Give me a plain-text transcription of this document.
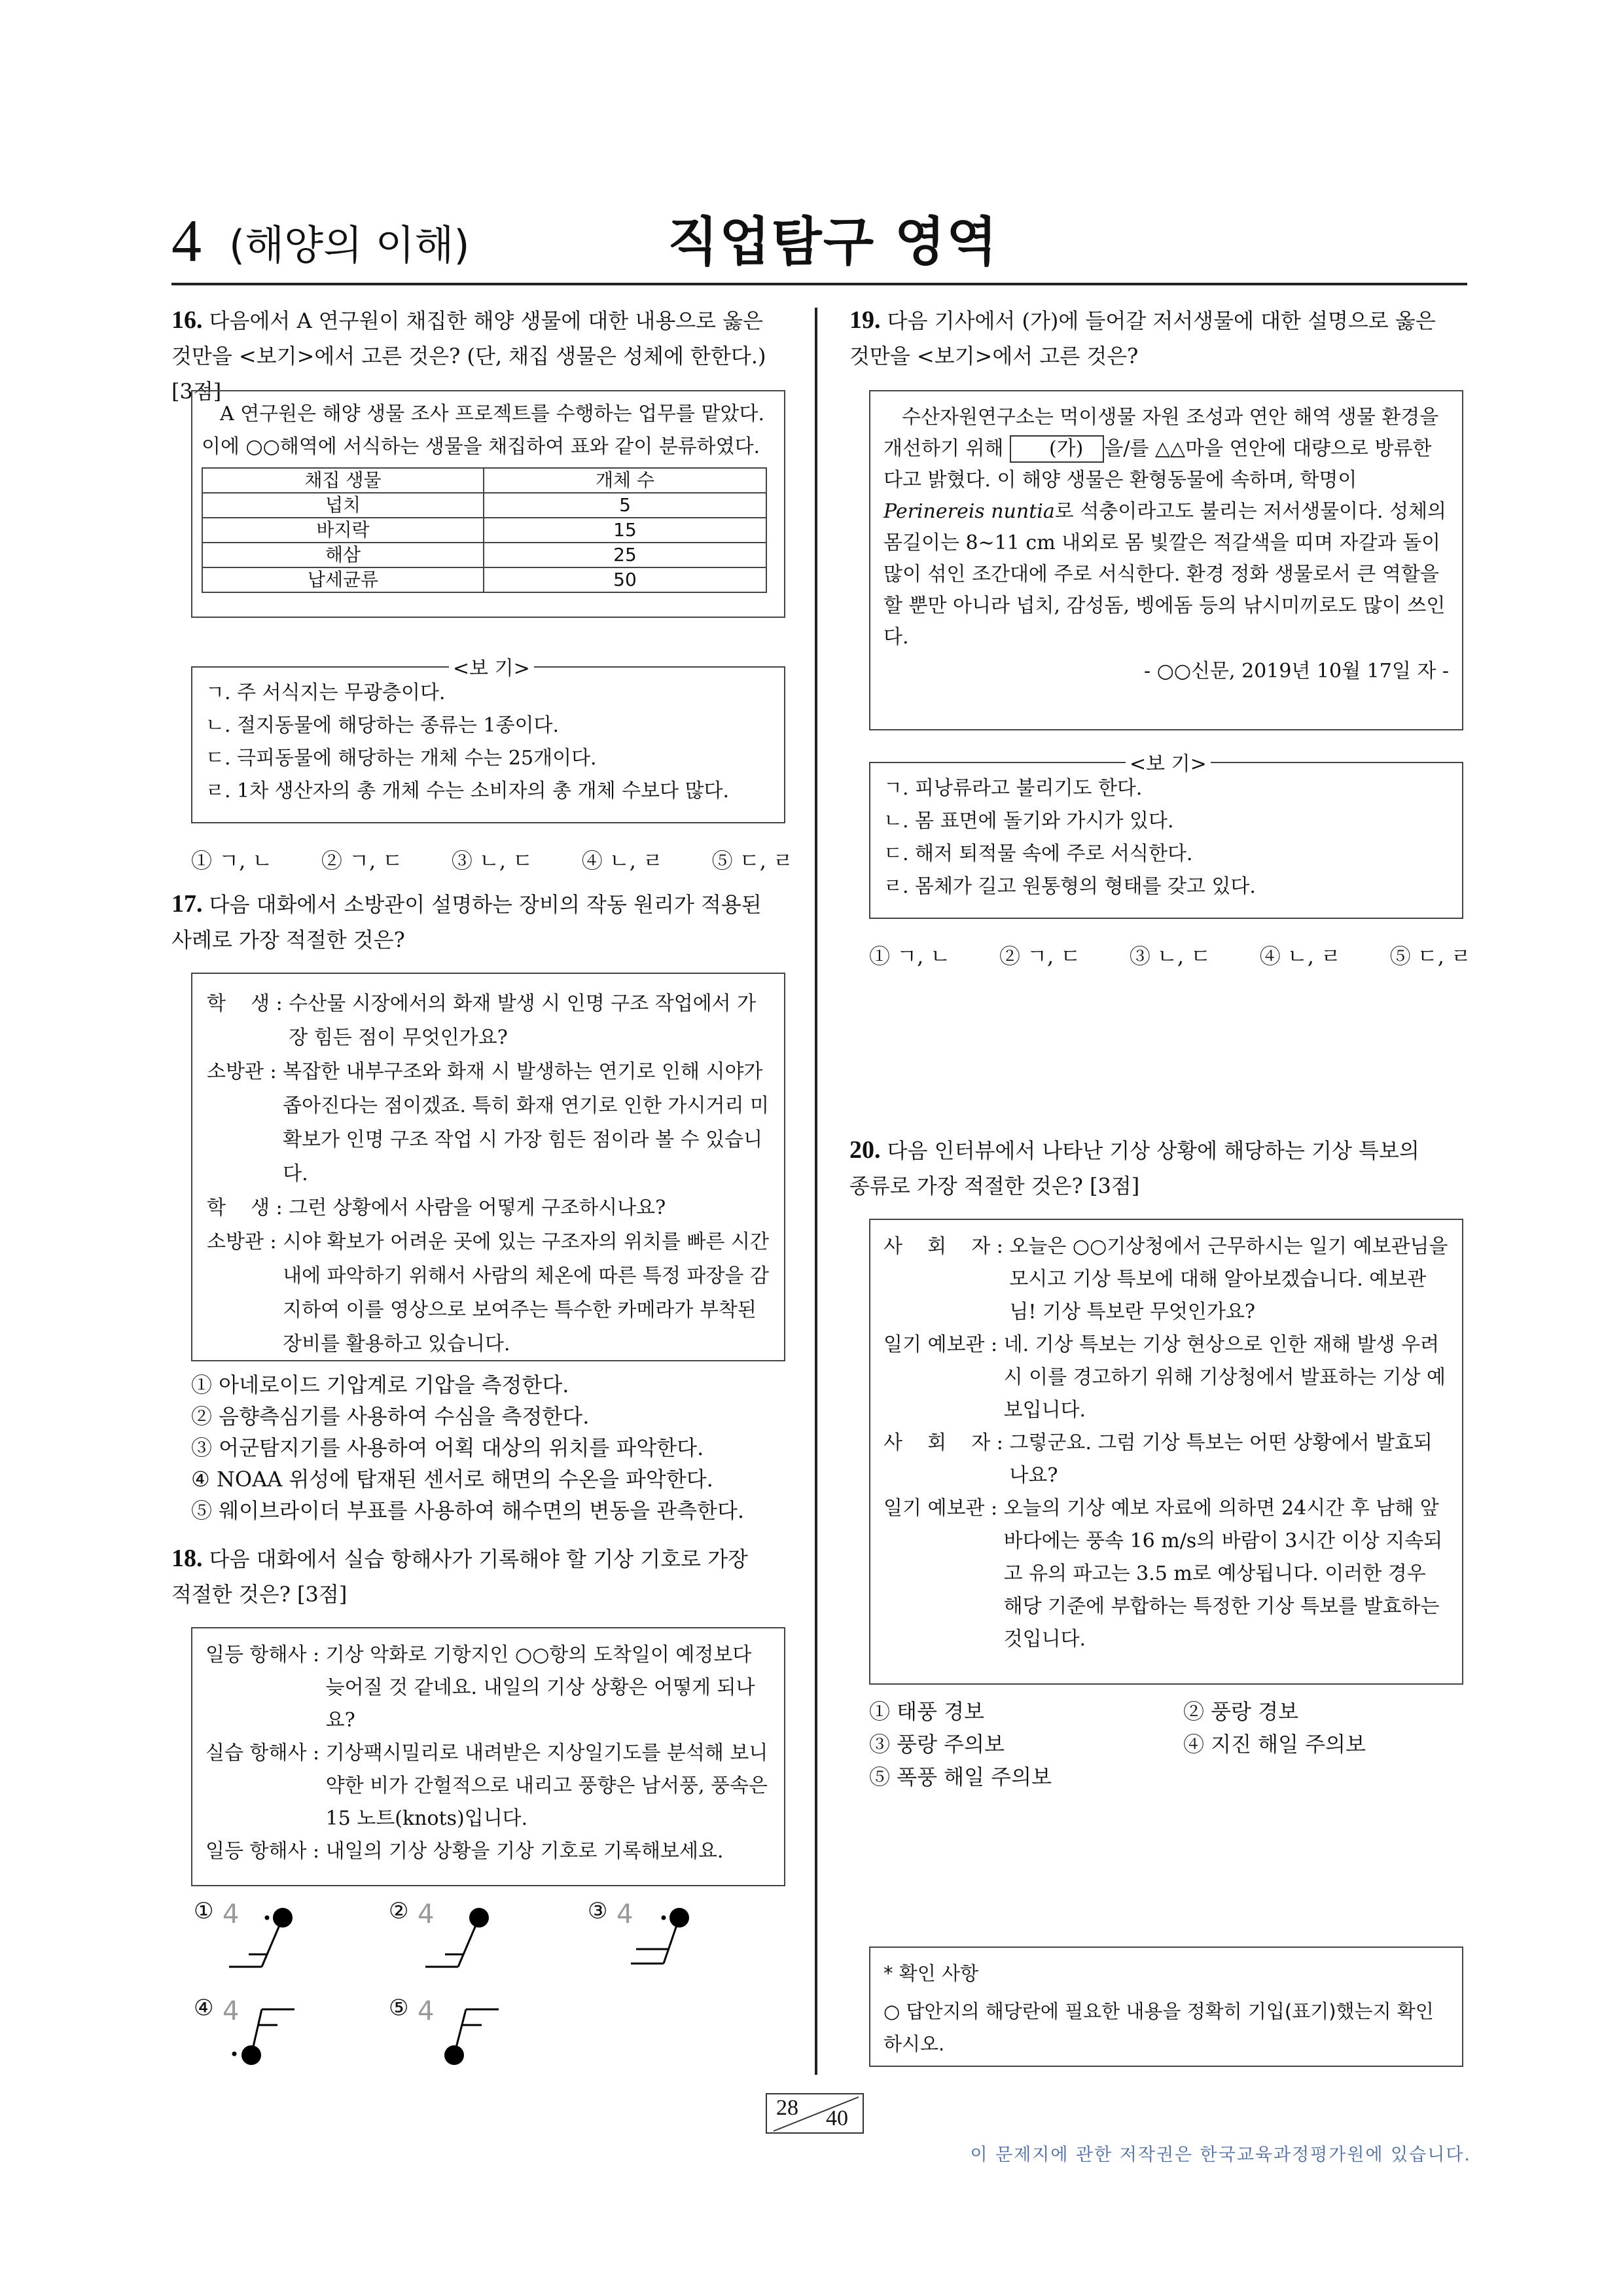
4 (해양의 이해)	직업탐구 영역
16. 다음에서 A 연구원이 채집한 해양 생물에 대한 내용으로 옳은
것만을 <보기>에서 고른 것은? (단, 채집 생물은 성체에 한한다.) [3점]
A 연구원은 해양 생물 조사 프로젝트를 수행하는 업무를 맡았다.
이에 ○○해역에 서식하는 생물을 채집하여 표와 같이 분류하였다.
채집 생물	개체 수
넙치	5
바지락	15
해삼	25
납세균류	50
ㄱ. 주 서식지는 무광층이다.
ㄴ. 절지동물에 해당하는 종류는 1종이다.
ㄷ. 극피동물에 해당하는 개체 수는 25개이다.
ㄹ. 1차 생산자의 총 개체 수는 소비자의 총 개체 수보다 많다.
<보 기>
① ㄱ, ㄴ ② ㄱ, ㄷ ③ ㄴ, ㄷ ④ ㄴ, ㄹ ⑤ ㄷ, ㄹ
17. 다음 대화에서 소방관이 설명하는 장비의 작동 원리가 적용된
사례로 가장 적절한 것은?
학    생 : 수산물 시장에서의 화재 발생 시 인명 구조 작업에서 가장 힘든 점이 무엇인가요?
소방관 : 복잡한 내부구조와 화재 시 발생하는 연기로 인해 시야가 좁아진다는 점이겠죠. 특히 화재 연기로 인한 가시거리 미확보가 인명 구조 작업 시 가장 힘든 점이라 볼 수 있습니다.
학    생 : 그런 상황에서 사람을 어떻게 구조하시나요?
소방관 : 시야 확보가 어려운 곳에 있는 구조자의 위치를 빠른 시간 내에 파악하기 위해서 사람의 체온에 따른 특정 파장을 감지하여 이를 영상으로 보여주는 특수한 카메라가 부착된 장비를 활용하고 있습니다.
① 아네로이드 기압계로 기압을 측정한다.
② 음향측심기를 사용하여 수심을 측정한다.
③ 어군탐지기를 사용하여 어획 대상의 위치를 파악한다.
④ NOAA 위성에 탑재된 센서로 해면의 수온을 파악한다.
⑤ 웨이브라이더 부표를 사용하여 해수면의 변동을 관측한다.
18. 다음 대화에서 실습 항해사가 기록해야 할 기상 기호로 가장
적절한 것은? [3점]
일등 항해사 : 기상 악화로 기항지인 ○○항의 도착일이 예정보다 늦어질 것 같네요. 내일의 기상 상황은 어떻게 되나요?
실습 항해사 : 기상팩시밀리로 내려받은 지상일기도를 분석해 보니 약한 비가 간헐적으로 내리고 풍향은 남서풍, 풍속은 15 노트(knots)입니다.
일등 항해사 : 내일의 기상 상황을 기상 기호로 기록해보세요.
① 4	② 4	③ 4
④ 4	⑤ 4
19. 다음 기사에서 (가)에 들어갈 저서생물에 대한 설명으로 옳은
것만을 <보기>에서 고른 것은?
수산자원연구소는 먹이생물 자원 조성과 연안 해역 생물 환경을 개선하기 위해 (가) 을/를 △△마을 연안에 대량으로 방류한다고 밝혔다. 이 해양 생물은 환형동물에 속하며, 학명이 Perinereis nuntia로 석충이라고도 불리는 저서생물이다. 성체의 몸길이는 8~11 cm 내외로 몸 빛깔은 적갈색을 띠며 자갈과 돌이 많이 섞인 조간대에 주로 서식한다. 환경 정화 생물로서 큰 역할을 할 뿐만 아니라 넙치, 감성돔, 벵에돔 등의 낚시미끼로도 많이 쓰인다.
- ○○신문, 2019년 10월 17일 자 -
ㄱ. 피낭류라고 불리기도 한다.
ㄴ. 몸 표면에 돌기와 가시가 있다.
ㄷ. 해저 퇴적물 속에 주로 서식한다.
ㄹ. 몸체가 길고 원통형의 형태를 갖고 있다.
<보 기>
① ㄱ, ㄴ ② ㄱ, ㄷ ③ ㄴ, ㄷ ④ ㄴ, ㄹ ⑤ ㄷ, ㄹ
20. 다음 인터뷰에서 나타난 기상 상황에 해당하는 기상 특보의
종류로 가장 적절한 것은? [3점]
사    회    자 : 오늘은 ○○기상청에서 근무하시는 일기 예보관님을 모시고 기상 특보에 대해 알아보겠습니다. 예보관님! 기상 특보란 무엇인가요?
일기 예보관 : 네. 기상 특보는 기상 현상으로 인한 재해 발생 우려 시 이를 경고하기 위해 기상청에서 발표하는 기상 예보입니다.
사    회    자 : 그렇군요. 그럼 기상 특보는 어떤 상황에서 발효되나요?
일기 예보관 : 오늘의 기상 예보 자료에 의하면 24시간 후 남해 앞바다에는 풍속 16 m/s의 바람이 3시간 이상 지속되고 유의 파고는 3.5 m로 예상됩니다. 이러한 경우 해당 기준에 부합하는 특정한 기상 특보를 발효하는 것입니다.
① 태풍 경보	② 풍랑 경보
③ 풍랑 주의보	④ 지진 해일 주의보
⑤ 폭풍 해일 주의보
* 확인 사항
○ 답안지의 해당란에 필요한 내용을 정확히 기입(표기)했는지 확인하시오.
28 40
이 문제지에 관한 저작권은 한국교육과정평가원에 있습니다.
